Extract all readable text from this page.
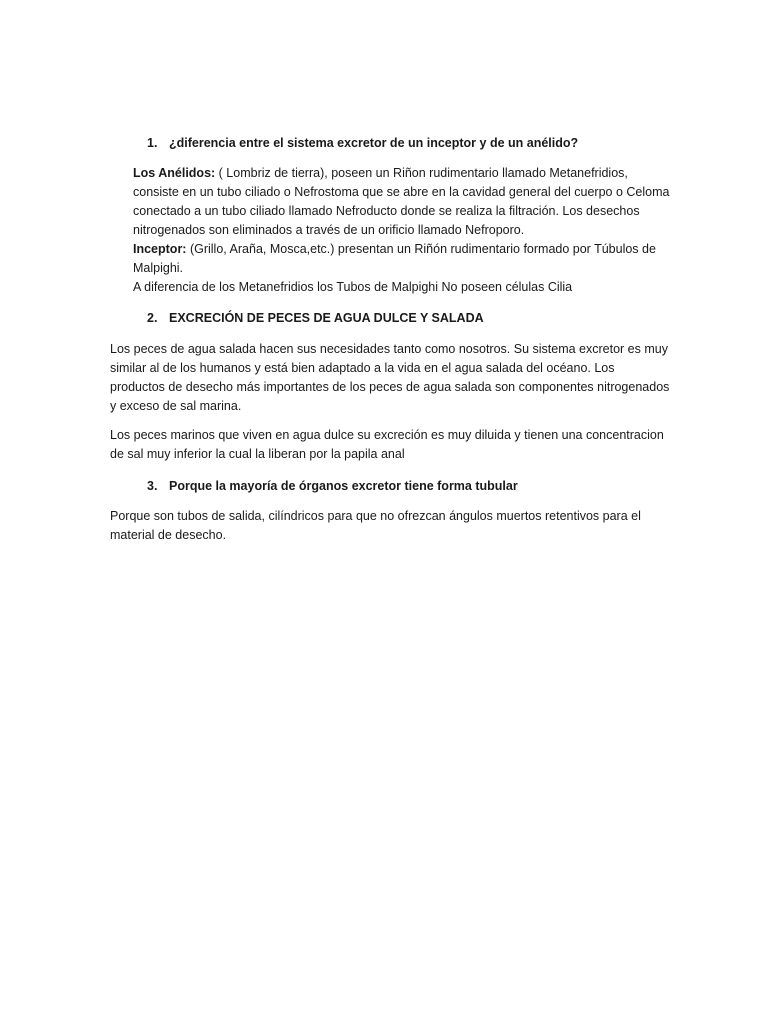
1. ¿diferencia entre el sistema excretor de un inceptor y de un anélido?

Los Anélidos: ( Lombriz de tierra), poseen un Riñon rudimentario llamado Metanefridios, consiste en un tubo ciliado o Nefrostoma que se abre en la cavidad general del cuerpo o Celoma conectado a un tubo ciliado llamado Nefroducto donde se realiza la filtración. Los desechos nitrogenados son eliminados a través de un orificio llamado Nefroporo.

Inceptor: (Grillo, Araña, Mosca,etc.) presentan un Riñón rudimentario formado por Túbulos de Malpighi.

A diferencia de los Metanefridios los Tubos de Malpighi No poseen células Cilia

2. EXCRECIÓN DE PECES DE AGUA DULCE Y SALADA

Los peces de agua salada hacen sus necesidades tanto como nosotros. Su sistema excretor es muy similar al de los humanos y está bien adaptado a la vida en el agua salada del océano. Los productos de desecho más importantes de los peces de agua salada son componentes nitrogenados y exceso de sal marina.

Los peces marinos que viven en agua dulce su excreción es muy diluida y tienen una concentracion de sal muy inferior la cual la liberan por la papila anal

3. Porque la mayoría de órganos excretor tiene forma tubular

Porque son tubos de salida, cilíndricos para que no ofrezcan ángulos muertos retentivos para el material de desecho.
